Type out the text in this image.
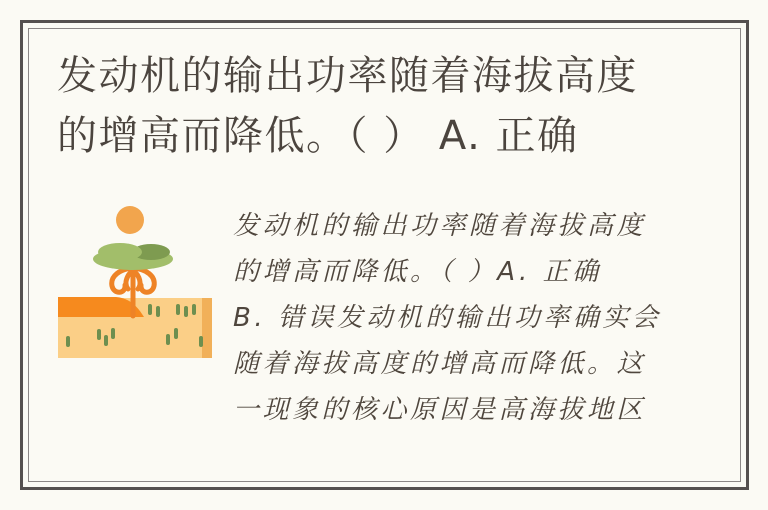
发动机的输出功率随着海拔高度
的增高而降低。（ ） A. 正确
发动机的输出功率随着海拔高度
的增高而降低。（ ）A. 正确
B. 错误发动机的输出功率确实会
随着海拔高度的增高而降低。这
一现象的核心原因是高海拔地区
